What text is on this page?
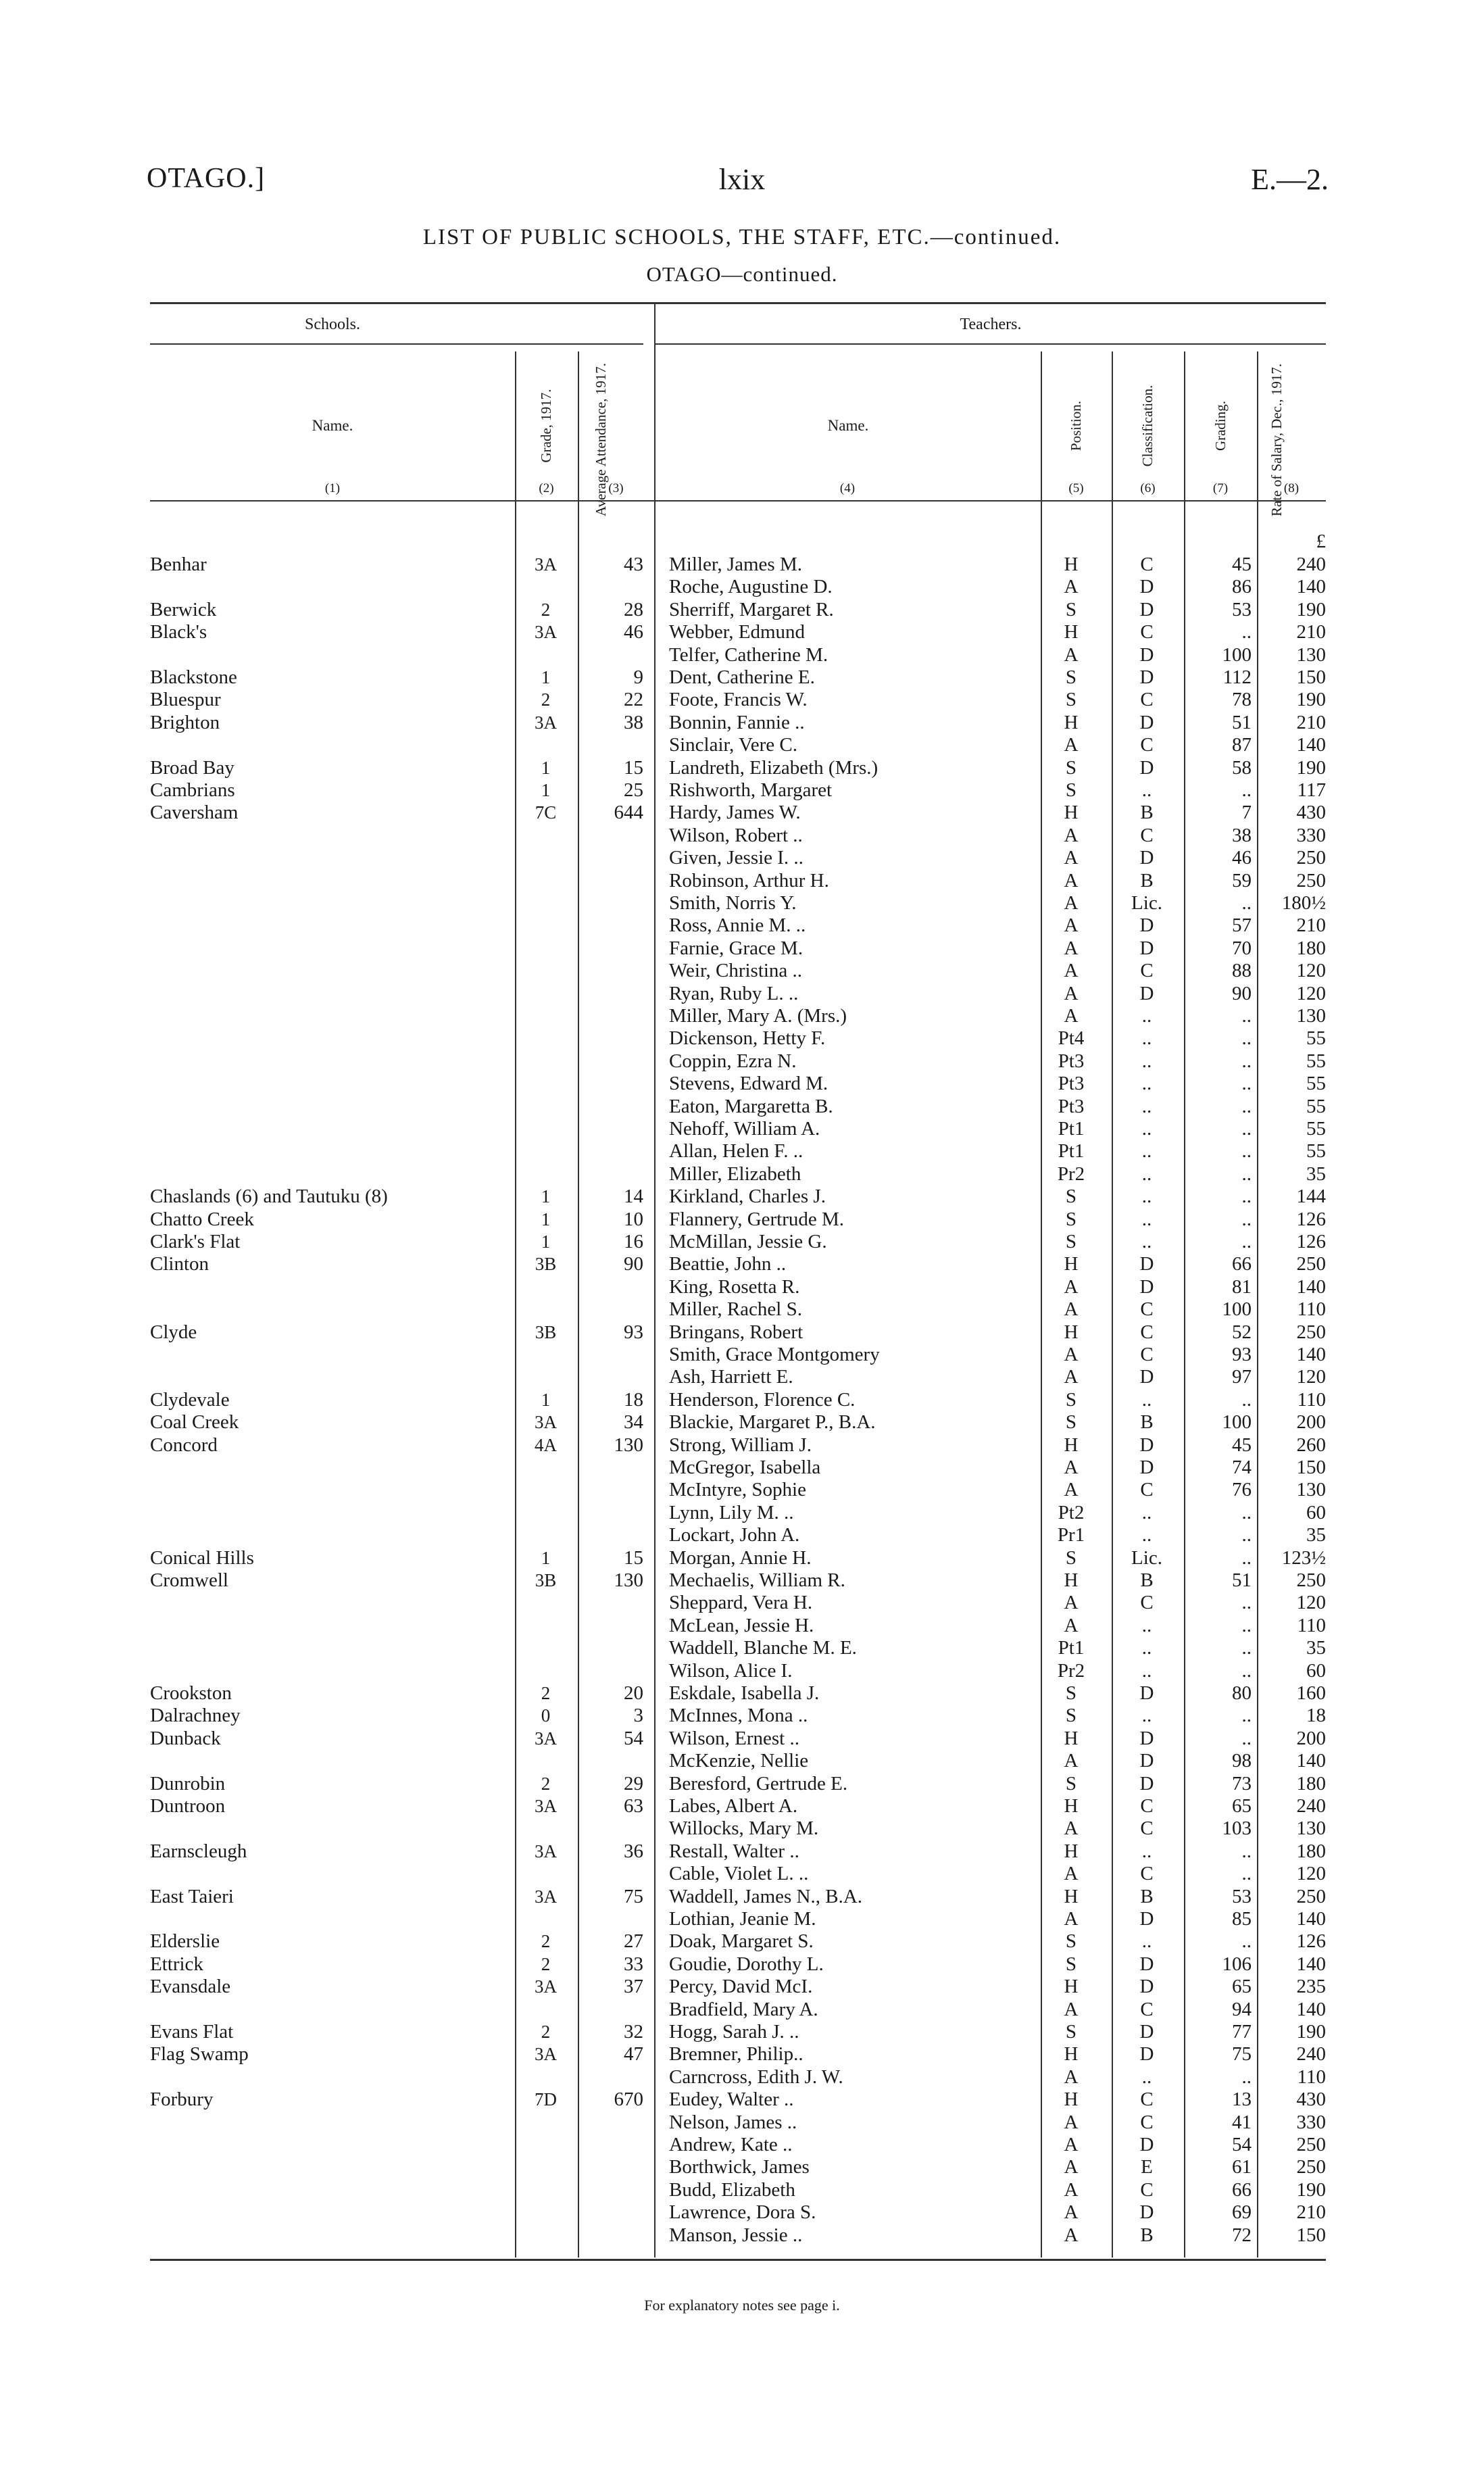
OTAGO.]	lxix	E.—2.
LIST OF PUBLIC SCHOOLS, THE STAFF, ETC.—continued.
OTAGO—continued.
Schools.	Teachers.
Name.	Grade, 1917.	Average Attendance, 1917.	Name.	Position.	Classification.	Grading.	Rate of Salary, Dec., 1917.
(1)	(2)	(3)	(4)	(5)	(6)	(7)	(8)
£
Benhar	3A	43 Miller, James M.	H	C	45	240
Roche, Augustine D.	A	D	86	140
Berwick	2	28 Sherriff, Margaret R.	S	D	53	190
Black's	3A	46 Webber, Edmund	H	C	..	210
Telfer, Catherine M.	A	D	100	130
Blackstone	1	9 Dent, Catherine E.	S	D	112	150
Bluespur	2	22 Foote, Francis W.	S	C	78	190
Brighton	3A	38 Bonnin, Fannie ..	H	D	51	210
Sinclair, Vere C.	A	C	87	140
Broad Bay	1	15 Landreth, Elizabeth (Mrs.)	S	D	58	190
Cambrians	1	25 Rishworth, Margaret	S	..	..	117
Caversham	7C	644 Hardy, James W.	H	B	7	430
Wilson, Robert ..	A	C	38	330
Given, Jessie I. ..	A	D	46	250
Robinson, Arthur H.	A	B	59	250
Smith, Norris Y.	A	Lic.	..	180½
Ross, Annie M. ..	A	D	57	210
Farnie, Grace M.	A	D	70	180
Weir, Christina ..	A	C	88	120
Ryan, Ruby L. ..	A	D	90	120
Miller, Mary A. (Mrs.)	A	..	..	130
Dickenson, Hetty F.	Pt4	..	..	55
Coppin, Ezra N.	Pt3	..	..	55
Stevens, Edward M.	Pt3	..	..	55
Eaton, Margaretta B.	Pt3	..	..	55
Nehoff, William A.	Pt1	..	..	55
Allan, Helen F. ..	Pt1	..	..	55
Miller, Elizabeth	Pr2	..	..	35
Chaslands (6) and Tautuku (8)	1	14 Kirkland, Charles J.	S	..	..	144
Chatto Creek	1	10 Flannery, Gertrude M.	S	..	..	126
Clark's Flat	1	16 McMillan, Jessie G.	S	..	..	126
Clinton	3B	90 Beattie, John ..	H	D	66	250
King, Rosetta R.	A	D	81	140
Miller, Rachel S.	A	C	100	110
Clyde	3B	93 Bringans, Robert	H	C	52	250
Smith, Grace Montgomery	A	C	93	140
Ash, Harriett E.	A	D	97	120
Clydevale	1	18 Henderson, Florence C.	S	..	..	110
Coal Creek	3A	34 Blackie, Margaret P., B.A.	S	B	100	200
Concord	4A	130 Strong, William J.	H	D	45	260
McGregor, Isabella	A	D	74	150
McIntyre, Sophie	A	C	76	130
Lynn, Lily M. ..	Pt2	..	..	60
Lockart, John A.	Pr1	..	..	35
Conical Hills	1	15 Morgan, Annie H.	S	Lic.	..	123½
Cromwell	3B	130 Mechaelis, William R.	H	B	51	250
Sheppard, Vera H.	A	C	..	120
McLean, Jessie H.	A	..	..	110
Waddell, Blanche M. E.	Pt1	..	..	35
Wilson, Alice I.	Pr2	..	..	60
Crookston	2	20 Eskdale, Isabella J.	S	D	80	160
Dalrachney	0	3 McInnes, Mona ..	S	..	..	18
Dunback	3A	54 Wilson, Ernest ..	H	D	..	200
McKenzie, Nellie	A	D	98	140
Dunrobin	2	29 Beresford, Gertrude E.	S	D	73	180
Duntroon	3A	63 Labes, Albert A.	H	C	65	240
Willocks, Mary M.	A	C	103	130
Earnscleugh	3A	36 Restall, Walter ..	H	..	..	180
Cable, Violet L. ..	A	C	..	120
East Taieri	3A	75 Waddell, James N., B.A.	H	B	53	250
Lothian, Jeanie M.	A	D	85	140
Elderslie	2	27 Doak, Margaret S.	S	..	..	126
Ettrick	2	33 Goudie, Dorothy L.	S	D	106	140
Evansdale	3A	37 Percy, David McI.	H	D	65	235
Bradfield, Mary A.	A	C	94	140
Evans Flat	2	32 Hogg, Sarah J. ..	S	D	77	190
Flag Swamp	3A	47 Bremner, Philip..	H	D	75	240
Carncross, Edith J. W.	A	..	..	110
Forbury	7D	670 Eudey, Walter ..	H	C	13	430
Nelson, James ..	A	C	41	330
Andrew, Kate ..	A	D	54	250
Borthwick, James	A	E	61	250
Budd, Elizabeth	A	C	66	190
Lawrence, Dora S.	A	D	69	210
Manson, Jessie ..	A	B	72	150
For explanatory notes see page i.
